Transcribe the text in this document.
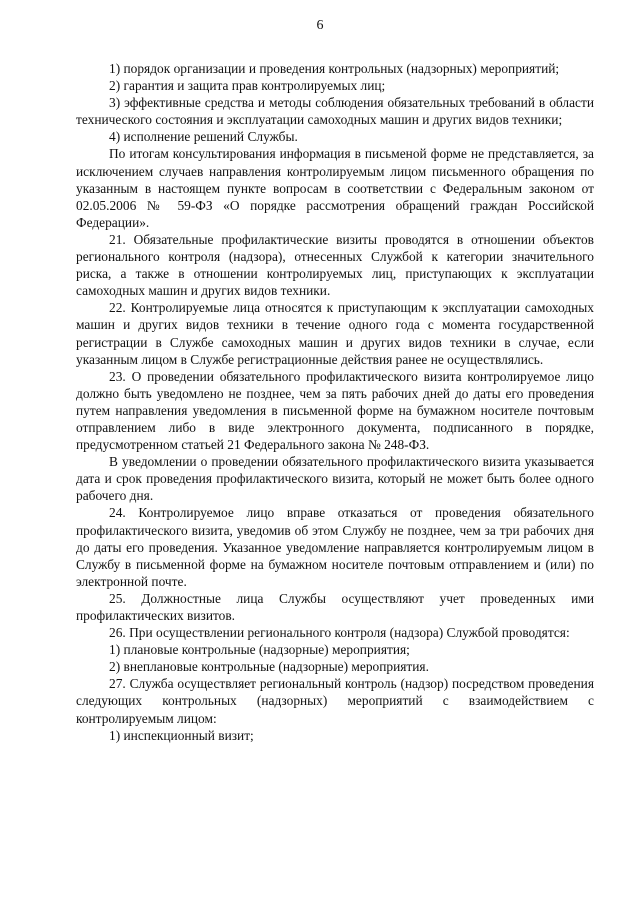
6

1) порядок организации и проведения контрольных (надзорных) мероприятий;

2) гарантия и защита прав контролируемых лиц;

3) эффективные средства и методы соблюдения обязательных требований в области технического состояния и эксплуатации самоходных машин и других видов техники;

4) исполнение решений Службы.

По итогам консультирования информация в письменой форме не представляется, за исключением случаев направления контролируемым лицом письменного обращения по указанным в настоящем пункте вопросам в соответствии с Федеральным законом от 02.05.2006 № 59-ФЗ «О порядке рассмотрения обращений граждан Российской Федерации».

21. Обязательные профилактические визиты проводятся в отношении объектов регионального контроля (надзора), отнесенных Службой к категории значительного риска, а также в отношении контролируемых лиц, приступающих к эксплуатации самоходных машин и других видов техники.

22. Контролируемые лица относятся к приступающим к эксплуатации самоходных машин и других видов техники в течение одного года с момента государственной регистрации в Службе самоходных машин и других видов техники в случае, если указанным лицом в Службе регистрационные действия ранее не осуществлялись.

23. О проведении обязательного профилактического визита контролируемое лицо должно быть уведомлено не позднее, чем за пять рабочих дней до даты его проведения путем направления уведомления в письменной форме на бумажном носителе почтовым отправлением либо в виде электронного документа, подписанного в порядке, предусмотренном статьей 21 Федерального закона № 248-ФЗ.

В уведомлении о проведении обязательного профилактического визита указывается дата и срок проведения профилактического визита, который не может быть более одного рабочего дня.

24. Контролируемое лицо вправе отказаться от проведения обязательного профилактического визита, уведомив об этом Службу не позднее, чем за три рабочих дня до даты его проведения. Указанное уведомление направляется контролируемым лицом в Службу в письменной форме на бумажном носителе почтовым отправлением и (или) по электронной почте.

25. Должностные лица Службы осуществляют учет проведенных ими профилактических визитов.

26. При осуществлении регионального контроля (надзора) Службой проводятся:

1) плановые контрольные (надзорные) мероприятия;

2) внеплановые контрольные (надзорные) мероприятия.

27. Служба осуществляет региональный контроль (надзор) посредством проведения следующих контрольных (надзорных) мероприятий с взаимодействием с контролируемым лицом:

1) инспекционный визит;
